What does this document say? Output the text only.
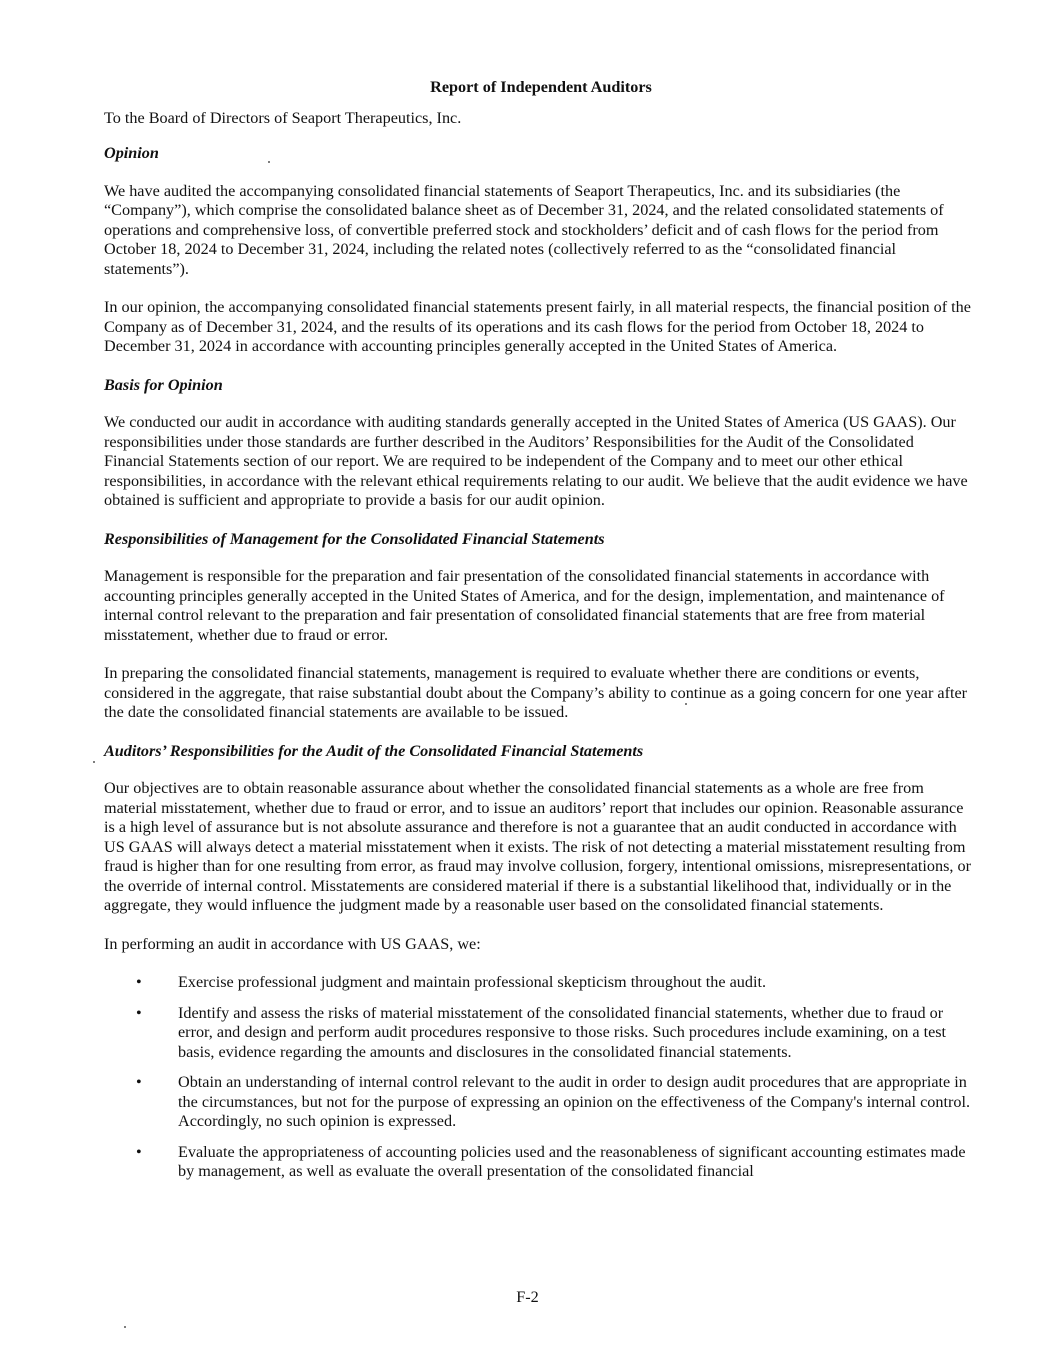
Report of Independent Auditors

To the Board of Directors of Seaport Therapeutics, Inc.

Opinion

We have audited the accompanying consolidated financial statements of Seaport Therapeutics, Inc. and its subsidiaries (the “Company”), which comprise the consolidated balance sheet as of December 31, 2024, and the related consolidated statements of operations and comprehensive loss, of convertible preferred stock and stockholders’ deficit and of cash flows for the period from October 18, 2024 to December 31, 2024, including the related notes (collectively referred to as the “consolidated financial statements”).

In our opinion, the accompanying consolidated financial statements present fairly, in all material respects, the financial position of the Company as of December 31, 2024, and the results of its operations and its cash flows for the period from October 18, 2024 to December 31, 2024 in accordance with accounting principles generally accepted in the United States of America.

Basis for Opinion

We conducted our audit in accordance with auditing standards generally accepted in the United States of America (US GAAS). Our responsibilities under those standards are further described in the Auditors’ Responsibilities for the Audit of the Consolidated Financial Statements section of our report. We are required to be independent of the Company and to meet our other ethical responsibilities, in accordance with the relevant ethical requirements relating to our audit. We believe that the audit evidence we have obtained is sufficient and appropriate to provide a basis for our audit opinion.

Responsibilities of Management for the Consolidated Financial Statements

Management is responsible for the preparation and fair presentation of the consolidated financial statements in accordance with accounting principles generally accepted in the United States of America, and for the design, implementation, and maintenance of internal control relevant to the preparation and fair presentation of consolidated financial statements that are free from material misstatement, whether due to fraud or error.

In preparing the consolidated financial statements, management is required to evaluate whether there are conditions or events, considered in the aggregate, that raise substantial doubt about the Company’s ability to continue as a going concern for one year after the date the consolidated financial statements are available to be issued.

Auditors’ Responsibilities for the Audit of the Consolidated Financial Statements

Our objectives are to obtain reasonable assurance about whether the consolidated financial statements as a whole are free from material misstatement, whether due to fraud or error, and to issue an auditors’ report that includes our opinion. Reasonable assurance is a high level of assurance but is not absolute assurance and therefore is not a guarantee that an audit conducted in accordance with US GAAS will always detect a material misstatement when it exists. The risk of not detecting a material misstatement resulting from fraud is higher than for one resulting from error, as fraud may involve collusion, forgery, intentional omissions, misrepresentations, or the override of internal control. Misstatements are considered material if there is a substantial likelihood that, individually or in the aggregate, they would influence the judgment made by a reasonable user based on the consolidated financial statements.

In performing an audit in accordance with US GAAS, we:

• Exercise professional judgment and maintain professional skepticism throughout the audit.
• Identify and assess the risks of material misstatement of the consolidated financial statements, whether due to fraud or error, and design and perform audit procedures responsive to those risks. Such procedures include examining, on a test basis, evidence regarding the amounts and disclosures in the consolidated financial statements.
• Obtain an understanding of internal control relevant to the audit in order to design audit procedures that are appropriate in the circumstances, but not for the purpose of expressing an opinion on the effectiveness of the Company's internal control. Accordingly, no such opinion is expressed.
• Evaluate the appropriateness of accounting policies used and the reasonableness of significant accounting estimates made by management, as well as evaluate the overall presentation of the consolidated financial
F-2
